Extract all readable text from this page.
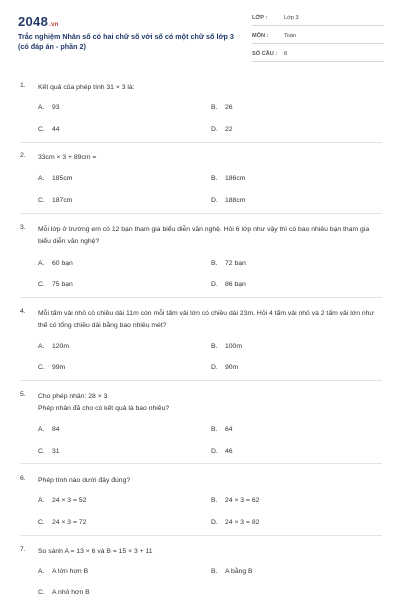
2048.vn
Trắc nghiệm Nhân số có hai chữ số với số có một chữ số lớp 3 (có đáp án - phần 2)
LỚP :	Lớp 3
MÔN :	Toán
SỐ CÂU : 8
1. Kết quả của phép tính 31 × 3 là:
A. 93	B. 26
C. 44	D. 22
2. 33cm × 3 + 89cm =
A. 185cm	B. 186cm
C. 187cm	D. 188cm
3. Mỗi lớp ở trường em có 12 bạn tham gia biểu diễn văn nghệ. Hỏi 6 lớp như vậy thì có bao nhiêu bạn tham gia biểu diễn văn nghệ?
A. 60 bạn	B. 72 bạn
C. 75 bạn	D. 86 bạn
4. Mỗi tấm vải nhỏ có chiều dài 11m còn mỗi tấm vải lớn có chiều dài 23m. Hỏi 4 tấm vải nhỏ và 2 tấm vải lớn như thế có tổng chiều dài bằng bao nhiêu mét?
A. 120m	B. 100m
C. 99m	D. 90m
5. Cho phép nhân: 28 × 3
Phép nhân đã cho có kết quả là bao nhiêu?
A. 84	B. 64
C. 31	D. 46
6. Phép tính nào dưới đây đúng?
A. 24 × 3 = 52	B. 24 × 3 = 62
C. 24 × 3 = 72	D. 24 × 3 = 82
7. So sánh A = 13 × 6 và B = 15 × 3 + 11
A. A lớn hơn B	B. A bằng B
C. A nhỏ hơn B
